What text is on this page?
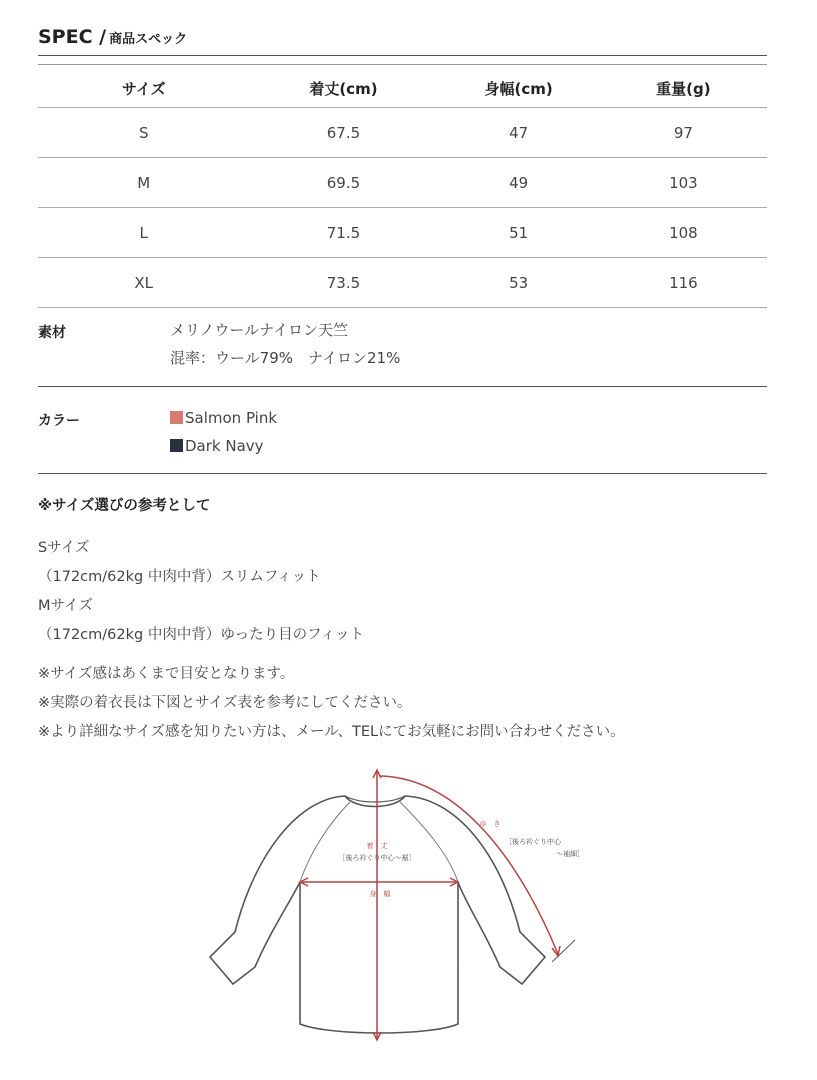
SPEC / 商品スペック
サイズ	着丈(cm)	身幅(cm)	重量(g)
S	67.5	47	97
M	69.5	49	103
L	71.5	51	108
XL	73.5	53	116
素材	メリノウールナイロン天竺
混率：ウール79%　ナイロン21%
カラー	Salmon Pink
Dark Navy
※サイズ選びの参考として
Sサイズ
（172cm/62kg 中肉中背）スリムフィット
Mサイズ
（172cm/62kg 中肉中背）ゆったり目のフィット
※サイズ感はあくまで目安となります。
※実際の着衣長は下図とサイズ表を参考にしてください。
※より詳細なサイズ感を知りたい方は、メール、TELにてお気軽にお問い合わせください。
着　丈
［後ろ衿ぐり中心〜裾］
身　幅
ゆ　き
［後ろ衿ぐり中心
〜袖細］
